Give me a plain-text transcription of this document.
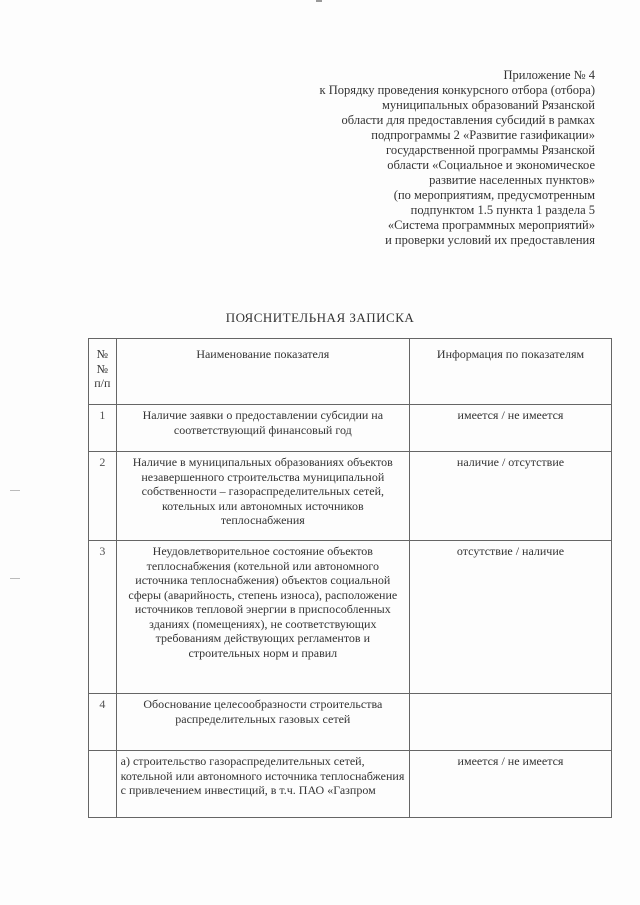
Приложение № 4
к Порядку проведения конкурсного отбора (отбора)
муниципальных образований Рязанской
области для предоставления субсидий в рамках
подпрограммы 2 «Развитие газификации»
государственной программы Рязанской
области «Социальное и экономическое
развитие населенных пунктов»
(по мероприятиям, предусмотренным
подпунктом 1.5 пункта 1 раздела 5
«Система программных мероприятий»
и проверки условий их предоставления
ПОЯСНИТЕЛЬНАЯ ЗАПИСКА
№ № п/п	Наименование показателя	Информация по показателям
1	Наличие заявки о предоставлении субсидии на соответствующий финансовый год	имеется / не имеется
2	Наличие в муниципальных образованиях объектов незавершенного строительства муниципальной собственности – газораспределительных сетей, котельных или автономных источников теплоснабжения	наличие / отсутствие
3	Неудовлетворительное состояние объектов теплоснабжения (котельной или автономного источника теплоснабжения) объектов социальной сферы (аварийность, степень износа), расположение источников тепловой энергии в приспособленных зданиях (помещениях), не соответствующих требованиям действующих регламентов и строительных норм и правил	отсутствие / наличие
4	Обоснование целесообразности строительства распределительных газовых сетей	
	а) строительство газораспределительных сетей, котельной или автономного источника теплоснабжения с привлечением инвестиций, в т.ч. ПАО «Газпром	имеется / не имеется
